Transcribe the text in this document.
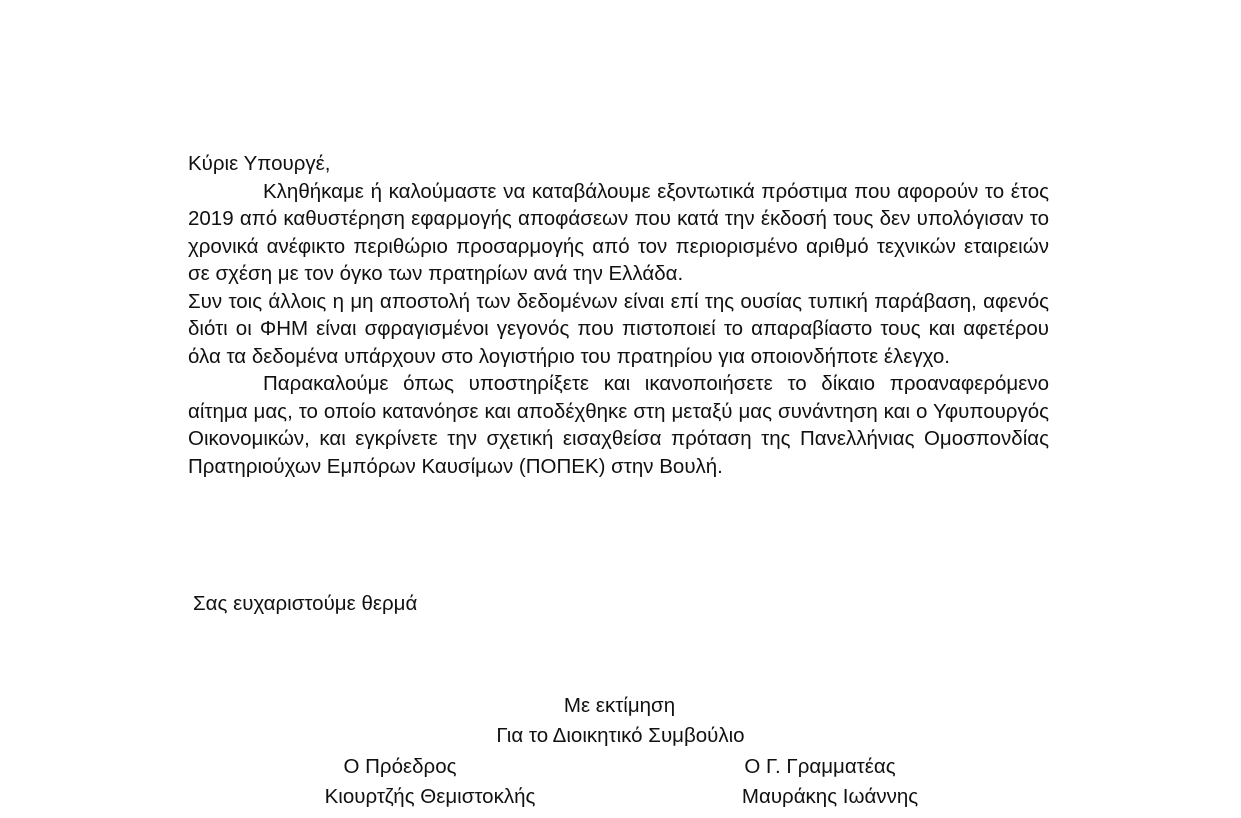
Κύριε Υπουργέ,

Κληθήκαμε ή καλούμαστε να καταβάλουμε εξοντωτικά πρόστιμα που αφορούν το έτος 2019 από καθυστέρηση εφαρμογής αποφάσεων που κατά την έκδοσή τους δεν υπολόγισαν το χρονικά ανέφικτο περιθώριο προσαρμογής από τον περιορισμένο αριθμό τεχνικών εταιρειών σε σχέση με τον όγκο των πρατηρίων ανά την Ελλάδα.

Συν τοις άλλοις η μη αποστολή των δεδομένων είναι επί της ουσίας τυπική παράβαση, αφενός διότι οι ΦΗΜ είναι σφραγισμένοι γεγονός που πιστοποιεί το απαραβίαστο τους και αφετέρου όλα τα δεδομένα υπάρχουν στο λογιστήριο του πρατηρίου για οποιονδήποτε έλεγχο.

Παρακαλούμε όπως υποστηρίξετε και ικανοποιήσετε το δίκαιο προαναφερόμενο αίτημα μας, το οποίο κατανόησε και αποδέχθηκε στη μεταξύ μας συνάντηση και ο Υφυπουργός Οικονομικών, και εγκρίνετε την σχετική εισαχθείσα πρόταση της Πανελλήνιας Ομοσπονδίας Πρατηριούχων Εμπόρων Καυσίμων (ΠΟΠΕΚ) στην Βουλή.

Σας ευχαριστούμε θερμά

Με εκτίμηση

Για το Διοικητικό Συμβούλιο

Ο Πρόεδρος

Κιουρτζής Θεμιστοκλής

Ο Γ. Γραμματέας

Μαυράκης Ιωάννης
